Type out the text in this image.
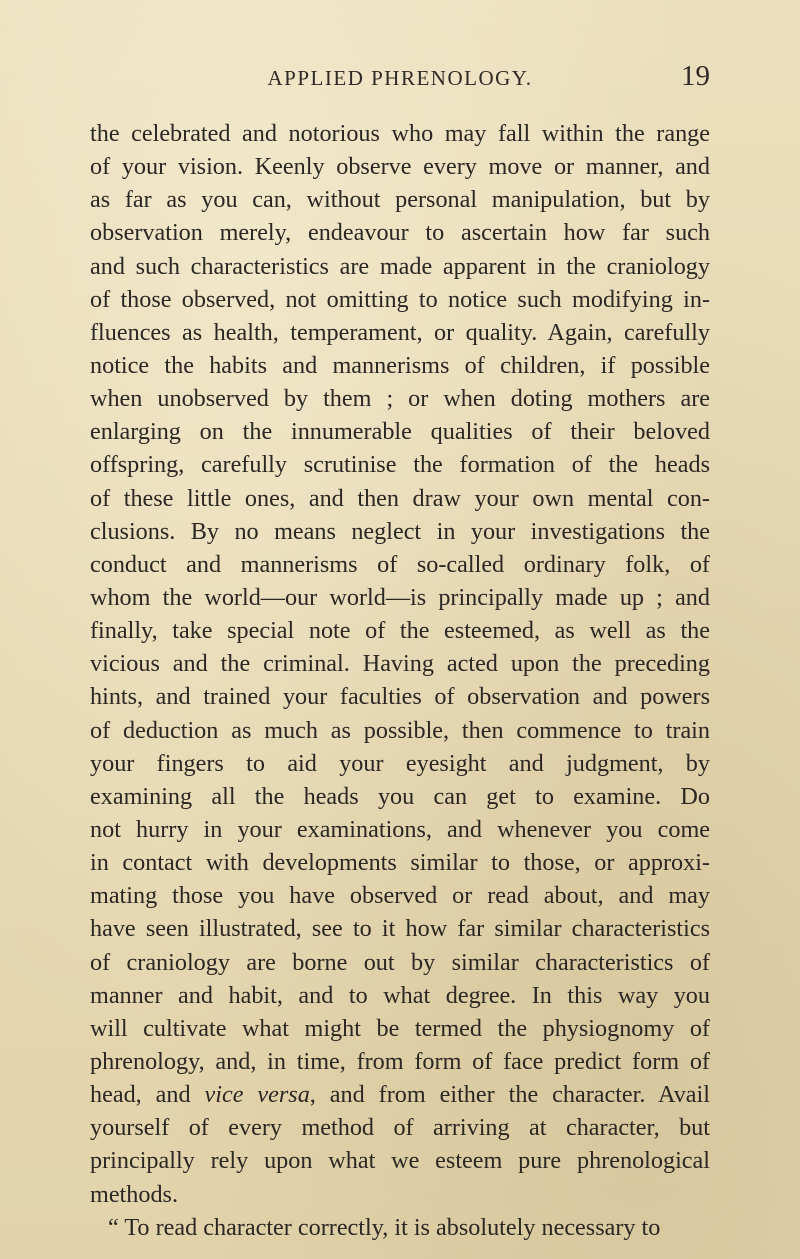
APPLIED PHRENOLOGY.	19
the celebrated and notorious who may fall within the range
of your vision. Keenly observe every move or manner, and
as far as you can, without personal manipulation, but by
observation merely, endeavour to ascertain how far such
and such characteristics are made apparent in the craniology
of those observed, not omitting to notice such modifying in-
fluences as health, temperament, or quality. Again, carefully
notice the habits and mannerisms of children, if possible
when unobserved by them ; or when doting mothers are
enlarging on the innumerable qualities of their beloved
offspring, carefully scrutinise the formation of the heads
of these little ones, and then draw your own mental con-
clusions. By no means neglect in your investigations the
conduct and mannerisms of so-called ordinary folk, of
whom the world—our world—is principally made up ; and
finally, take special note of the esteemed, as well as the
vicious and the criminal. Having acted upon the preceding
hints, and trained your faculties of observation and powers
of deduction as much as possible, then commence to train
your fingers to aid your eyesight and judgment, by
examining all the heads you can get to examine. Do
not hurry in your examinations, and whenever you come
in contact with developments similar to those, or approxi-
mating those you have observed or read about, and may
have seen illustrated, see to it how far similar characteristics
of craniology are borne out by similar characteristics of
manner and habit, and to what degree. In this way you
will cultivate what might be termed the physiognomy of
phrenology, and, in time, from form of face predict form of
head, and vice versa, and from either the character. Avail
yourself of every method of arriving at character, but
principally rely upon what we esteem pure phrenological
methods.
“ To read character correctly, it is absolutely necessary to
